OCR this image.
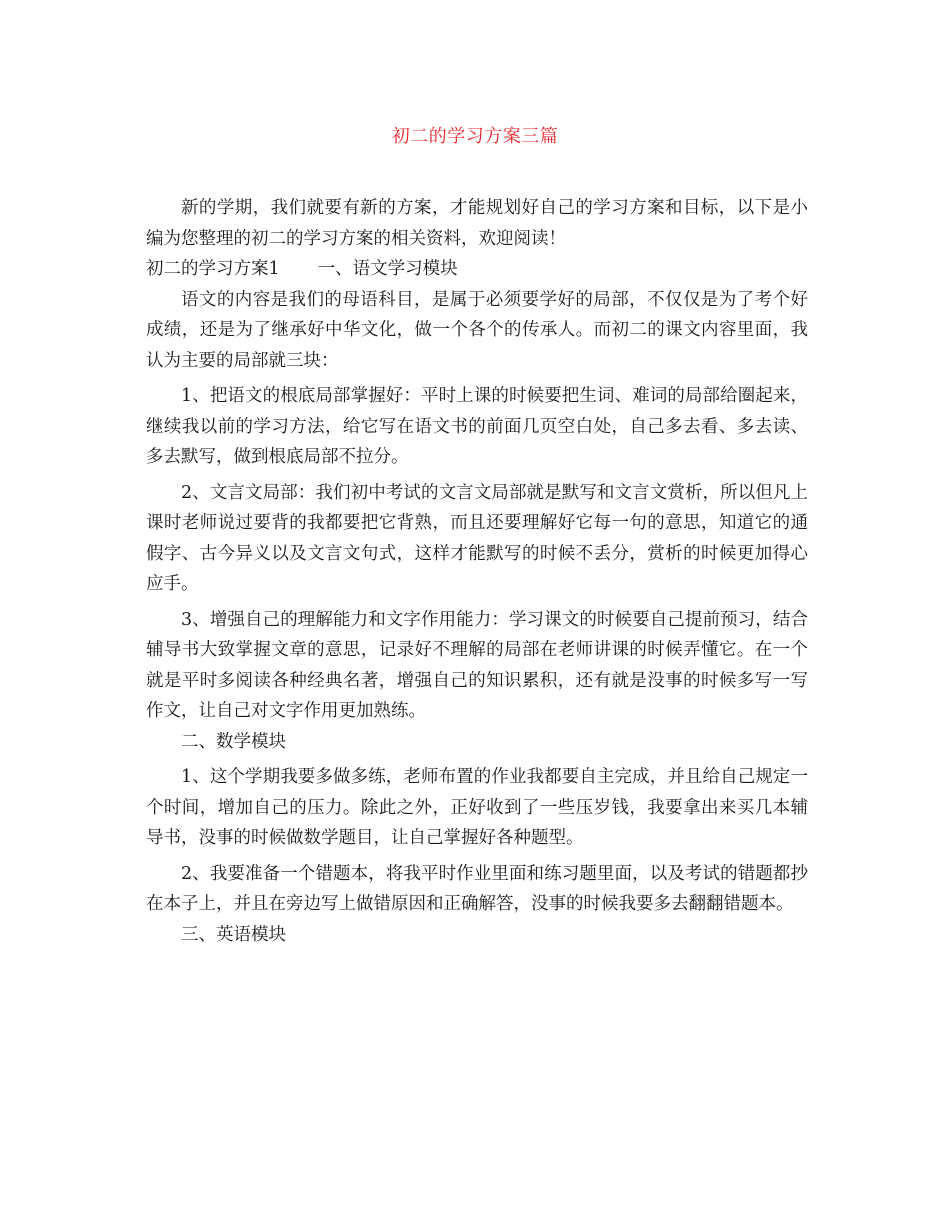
初二的学习方案三篇

新的学期，我们就要有新的方案，才能规划好自己的学习方案和目标，以下是小编为您整理的初二的学习方案的相关资料，欢迎阅读！

初二的学习方案1 一、语文学习模块

语文的内容是我们的母语科目，是属于必须要学好的局部，不仅仅是为了考个好成绩，还是为了继承好中华文化，做一个各个的传承人。而初二的课文内容里面，我认为主要的局部就三块：

1、把语文的根底局部掌握好：平时上课的时候要把生词、难词的局部给圈起来，继续我以前的学习方法，给它写在语文书的前面几页空白处，自己多去看、多去读、多去默写，做到根底局部不拉分。

2、文言文局部：我们初中考试的文言文局部就是默写和文言文赏析，所以但凡上课时老师说过要背的我都要把它背熟，而且还要理解好它每一句的意思，知道它的通假字、古今异义以及文言文句式，这样才能默写的时候不丢分，赏析的时候更加得心应手。

3、增强自己的理解能力和文字作用能力：学习课文的时候要自己提前预习，结合辅导书大致掌握文章的意思，记录好不理解的局部在老师讲课的时候弄懂它。在一个就是平时多阅读各种经典名著，增强自己的知识累积，还有就是没事的时候多写一写作文，让自己对文字作用更加熟练。

二、数学模块

1、这个学期我要多做多练，老师布置的作业我都要自主完成，并且给自己规定一个时间，增加自己的压力。除此之外，正好收到了一些压岁钱，我要拿出来买几本辅导书，没事的时候做数学题目，让自己掌握好各种题型。

2、我要准备一个错题本，将我平时作业里面和练习题里面，以及考试的错题都抄在本子上，并且在旁边写上做错原因和正确解答，没事的时候我要多去翻翻错题本。

三、英语模块
